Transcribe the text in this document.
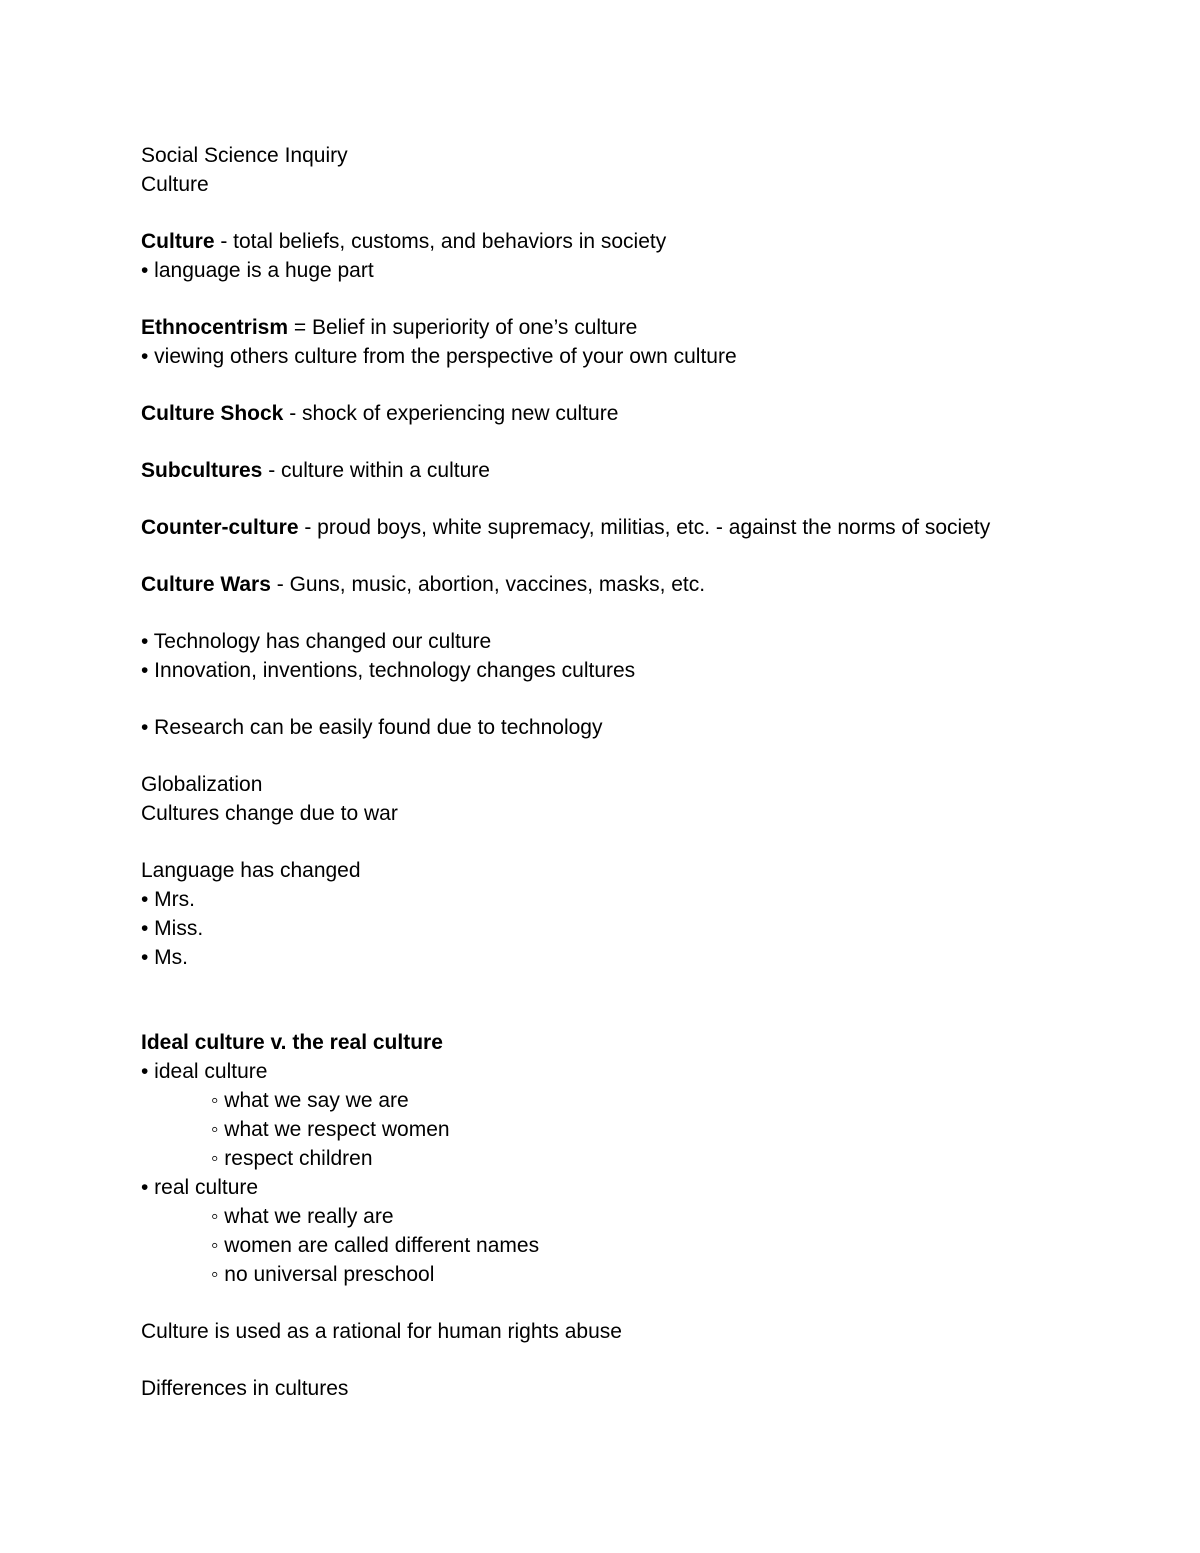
Social Science Inquiry
Culture
Culture - total beliefs, customs, and behaviors in society
• language is a huge part
Ethnocentrism = Belief in superiority of one’s culture
• viewing others culture from the perspective of your own culture
Culture Shock - shock of experiencing new culture
Subcultures - culture within a culture
Counter-culture - proud boys, white supremacy, militias, etc. - against the norms of society
Culture Wars - Guns, music, abortion, vaccines, masks, etc.
• Technology has changed our culture
• Innovation, inventions, technology changes cultures
• Research can be easily found due to technology
Globalization
Cultures change due to war
Language has changed
• Mrs.
• Miss.
• Ms.
Ideal culture v. the real culture
• ideal culture
◦ what we say we are
◦ what we respect women
◦ respect children
• real culture
◦ what we really are
◦ women are called different names
◦ no universal preschool
Culture is used as a rational for human rights abuse
Differences in cultures
